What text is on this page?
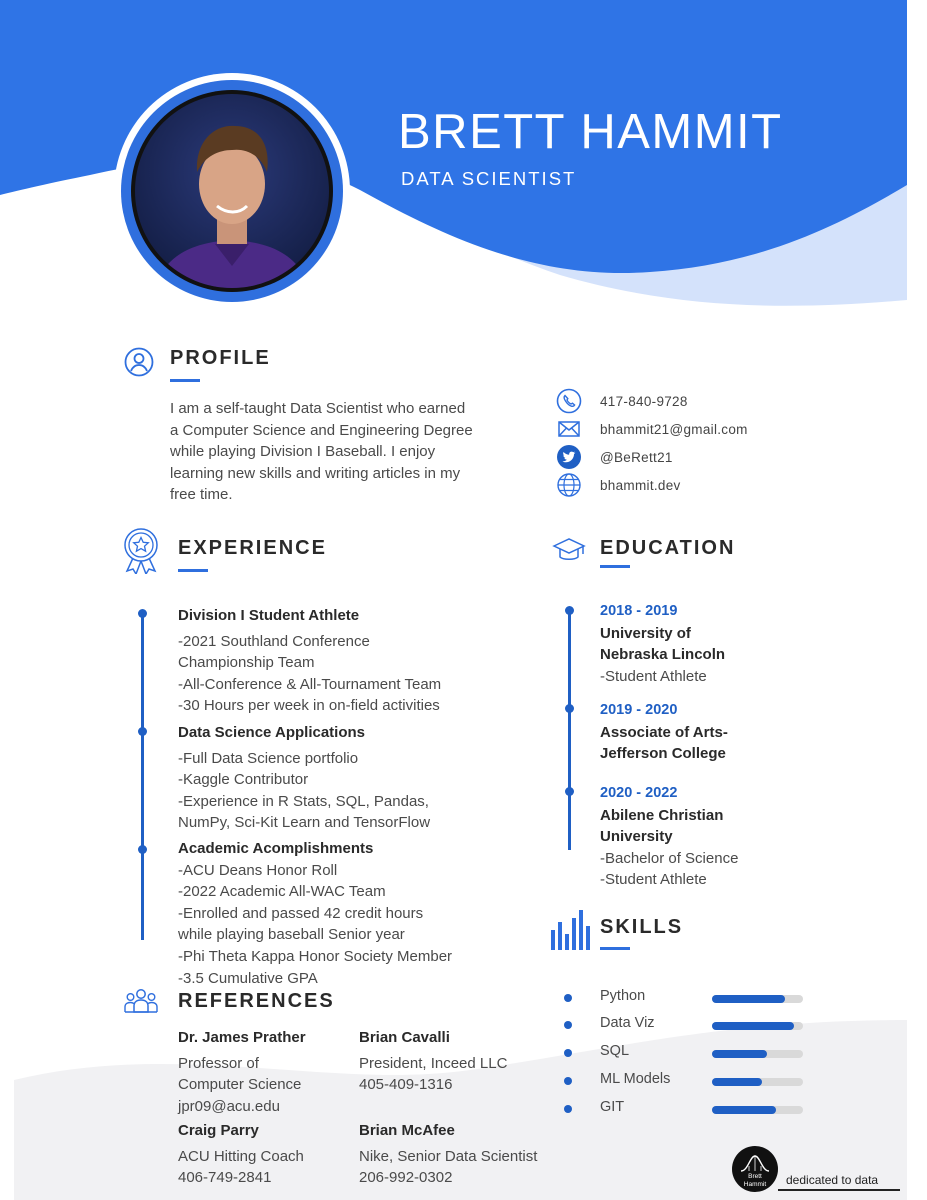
BRETT HAMMIT
DATA SCIENTIST
PROFILE
I am a self-taught Data Scientist who earned
a Computer Science and Engineering Degree
while playing Division I Baseball. I enjoy
learning new skills and writing articles in my
free time.
417-840-9728
bhammit21@gmail.com
@BeRett21
bhammit.dev
EXPERIENCE
Division I Student Athlete
-2021 Southland Conference
Championship Team
-All-Conference & All-Tournament Team
-30 Hours per week in on-field activities
Data Science Applications
-Full Data Science portfolio
-Kaggle Contributor
-Experience in R Stats, SQL, Pandas,
NumPy, Sci-Kit Learn and TensorFlow
Academic Acomplishments
-ACU Deans Honor Roll
-2022 Academic All-WAC Team
-Enrolled and passed 42 credit hours
while playing baseball Senior year
-Phi Theta Kappa Honor Society Member
-3.5 Cumulative GPA
EDUCATION
2018 - 2019
University of
Nebraska Lincoln
-Student Athlete
2019 - 2020
Associate of Arts-
Jefferson College
2020 - 2022
Abilene Christian
University
-Bachelor of Science
-Student Athlete
SKILLS
Python
Data Viz
SQL
ML Models
GIT
REFERENCES
Dr. James Prather
Professor of
Computer Science
jpr09@acu.edu
Brian Cavalli
President, Inceed LLC
405-409-1316
Craig Parry
ACU Hitting Coach
406-749-2841
Brian McAfee
Nike, Senior Data Scientist
206-992-0302	Brett
Hammit	dedicated to data
